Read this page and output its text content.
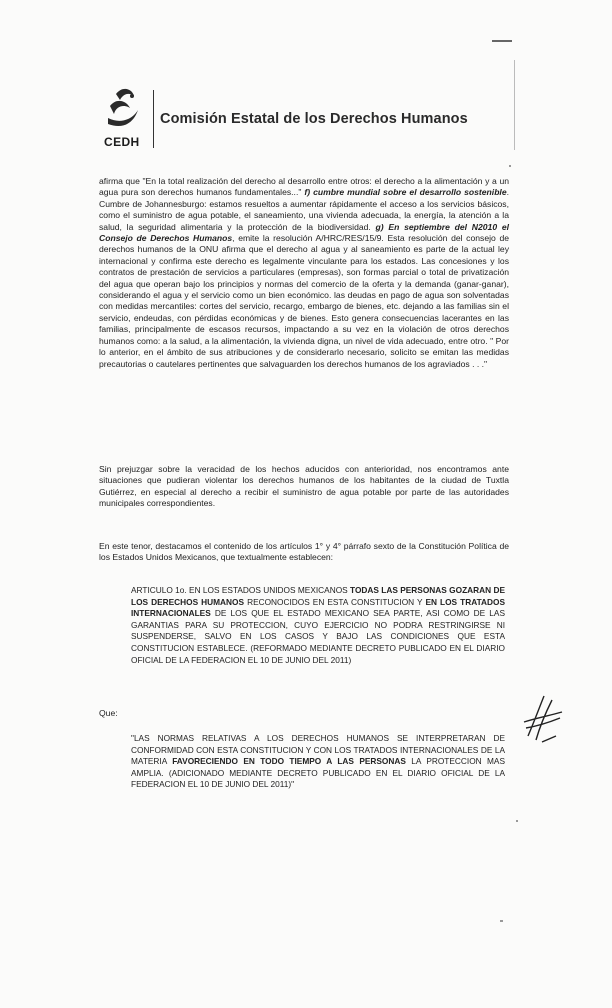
CEDH
Comisión Estatal de los Derechos Humanos
afirma que "En la total realización del derecho al desarrollo entre otros: el derecho a la alimentación y a un agua pura son derechos humanos fundamentales..." f) cumbre mundial sobre el desarrollo sostenible. Cumbre de Johannesburgo: estamos resueltos a aumentar rápidamente el acceso a los servicios básicos, como el suministro de agua potable, el saneamiento, una vivienda adecuada, la energía, la atención a la salud, la seguridad alimentaria y la protección de la biodiversidad. g) En septiembre del N2010 el Consejo de Derechos Humanos, emite la resolución A/HRC/RES/15/9. Esta resolución del consejo de derechos humanos de la ONU afirma que el derecho al agua y al saneamiento es parte de la actual ley internacional y confirma este derecho es legalmente vinculante para los estados. Las concesiones y los contratos de prestación de servicios a particulares (empresas), son formas parcial o total de privatización del agua que operan bajo los principios y normas del comercio de la oferta y la demanda (ganar-ganar), considerando el agua y el servicio como un bien económico. las deudas en pago de agua son solventadas con medidas mercantiles: cortes del servicio, recargo, embargo de bienes, etc. dejando a las familias sin el servicio, endeudas, con pérdidas económicas y de bienes. Esto genera consecuencias lacerantes en las familias, principalmente de escasos recursos, impactando a su vez en la violación de otros derechos humanos como: a la salud, a la alimentación, la vivienda digna, un nivel de vida adecuado, entre otro. " Por lo anterior, en el ámbito de sus atribuciones y de considerarlo necesario, solicito se emitan las medidas precautorias o cautelares pertinentes que salvaguarden los derechos humanos de los agraviados . . ."
Sin prejuzgar sobre la veracidad de los hechos aducidos con anterioridad, nos encontramos ante situaciones que pudieran violentar los derechos humanos de los habitantes de la ciudad de Tuxtla Gutiérrez, en especial al derecho a recibir el suministro de agua potable por parte de las autoridades municipales correspondientes.
En este tenor, destacamos el contenido de los artículos 1° y 4° párrafo sexto de la Constitución Política de los Estados Unidos Mexicanos, que textualmente establecen:
ARTICULO 1o. EN LOS ESTADOS UNIDOS MEXICANOS TODAS LAS PERSONAS GOZARAN DE LOS DERECHOS HUMANOS RECONOCIDOS EN ESTA CONSTITUCION Y EN LOS TRATADOS INTERNACIONALES DE LOS QUE EL ESTADO MEXICANO SEA PARTE, ASI COMO DE LAS GARANTIAS PARA SU PROTECCION, CUYO EJERCICIO NO PODRA RESTRINGIRSE NI SUSPENDERSE, SALVO EN LOS CASOS Y BAJO LAS CONDICIONES QUE ESTA CONSTITUCION ESTABLECE. (REFORMADO MEDIANTE DECRETO PUBLICADO EN EL DIARIO OFICIAL DE LA FEDERACION EL 10 DE JUNIO DEL 2011)
Que:
"LAS NORMAS RELATIVAS A LOS DERECHOS HUMANOS SE INTERPRETARAN DE CONFORMIDAD CON ESTA CONSTITUCION Y CON LOS TRATADOS INTERNACIONALES DE LA MATERIA FAVORECIENDO EN TODO TIEMPO A LAS PERSONAS LA PROTECCION MAS AMPLIA. (ADICIONADO MEDIANTE DECRETO PUBLICADO EN EL DIARIO OFICIAL DE LA FEDERACION EL 10 DE JUNIO DEL 2011)"
